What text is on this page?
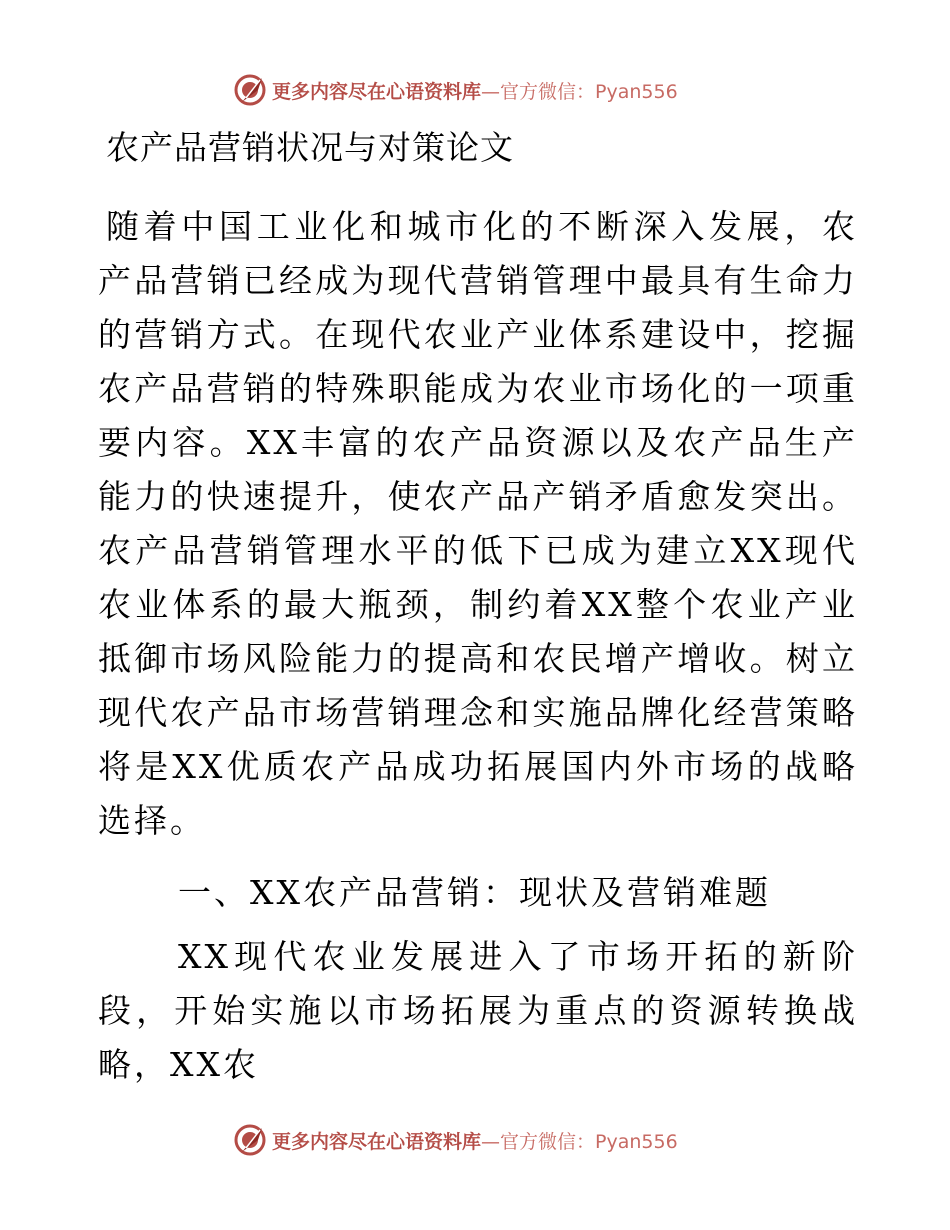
更多内容尽在心语资料库 —官方微信：Pyan556
农产品营销状况与对策论文

随着中国工业化和城市化的不断深入发展，农产品营销已经成为现代营销管理中最具有生命力的营销方式。在现代农业产业体系建设中，挖掘农产品营销的特殊职能成为农业市场化的一项重要内容。XX丰富的农产品资源以及农产品生产能力的快速提升，使农产品产销矛盾愈发突出。农产品营销管理水平的低下已成为建立XX现代农业体系的最大瓶颈，制约着XX整个农业产业抵御市场风险能力的提高和农民增产增收。树立现代农产品市场营销理念和实施品牌化经营策略将是XX优质农产品成功拓展国内外市场的战略选择。

一、XX农产品营销：现状及营销难题

XX现代农业发展进入了市场开拓的新阶段，开始实施以市场拓展为重点的资源转换战略，XX农

更多内容尽在心语资料库 —官方微信：Pyan556
